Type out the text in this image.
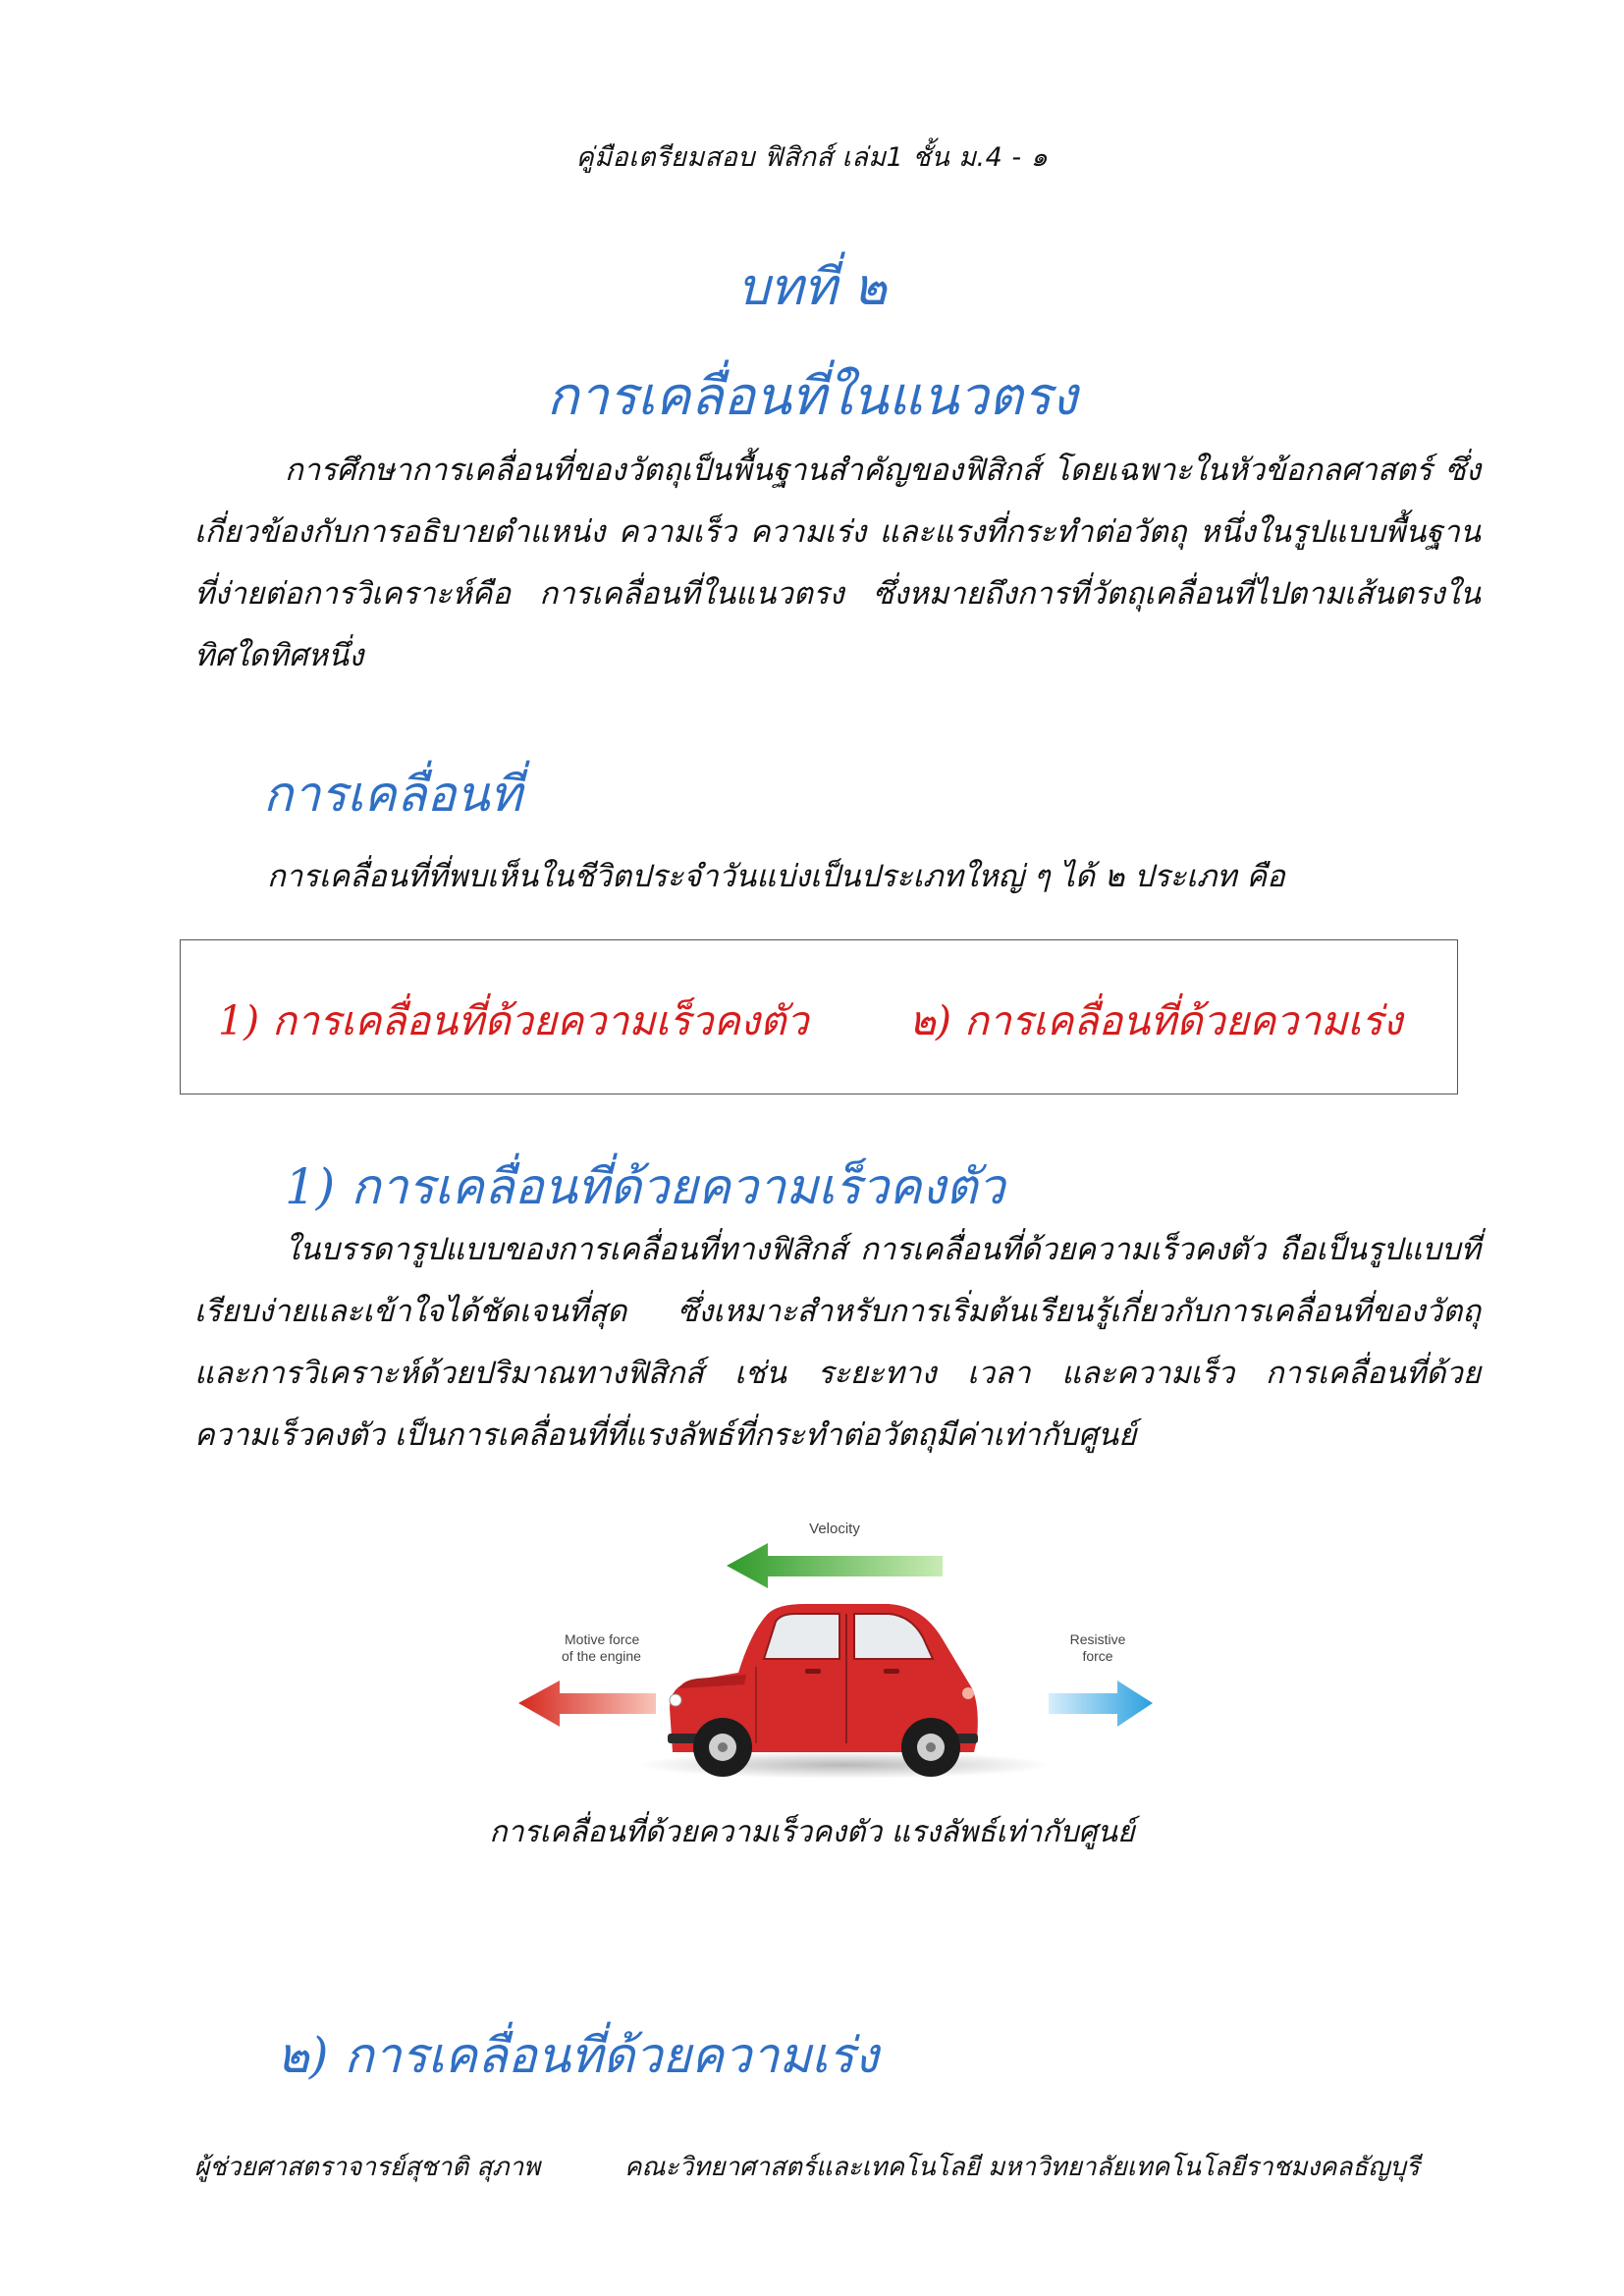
คู่มือเตรียมสอบ ฟิสิกส์ เล่ม1 ชั้น ม.4 - ๑
บทที่ ๒
การเคลื่อนที่ในแนวตรง

การศึกษาการเคลื่อนที่ของวัตถุเป็นพื้นฐานสำคัญของฟิสิกส์ โดยเฉพาะในหัวข้อกลศาสตร์ ซึ่งเกี่ยวข้องกับการอธิบายตำแหน่ง ความเร็ว ความเร่ง และแรงที่กระทำต่อวัตถุ หนึ่งในรูปแบบพื้นฐานที่ง่ายต่อการวิเคราะห์คือ การเคลื่อนที่ในแนวตรง ซึ่งหมายถึงการที่วัตถุเคลื่อนที่ไปตามเส้นตรงในทิศใดทิศหนึ่ง

การเคลื่อนที่
การเคลื่อนที่ที่พบเห็นในชีวิตประจำวันแบ่งเป็นประเภทใหญ่ ๆ ได้ ๒ ประเภท คือ
1) การเคลื่อนที่ด้วยความเร็วคงตัว ๒) การเคลื่อนที่ด้วยความเร่ง
1) การเคลื่อนที่ด้วยความเร็วคงตัว

ในบรรดารูปแบบของการเคลื่อนที่ทางฟิสิกส์ การเคลื่อนที่ด้วยความเร็วคงตัว ถือเป็นรูปแบบที่เรียบง่ายและเข้าใจได้ชัดเจนที่สุด ซึ่งเหมาะสำหรับการเริ่มต้นเรียนรู้เกี่ยวกับการเคลื่อนที่ของวัตถุและการวิเคราะห์ด้วยปริมาณทางฟิสิกส์ เช่น ระยะทาง เวลา และความเร็ว การเคลื่อนที่ด้วยความเร็วคงตัว เป็นการเคลื่อนที่ที่แรงลัพธ์ที่กระทำต่อวัตถุมีค่าเท่ากับศูนย์

Velocity
Motive force
of the engine
Resistive
force
การเคลื่อนที่ด้วยความเร็วคงตัว แรงลัพธ์เท่ากับศูนย์
๒) การเคลื่อนที่ด้วยความเร่ง
ผู้ช่วยศาสตราจารย์สุชาติ สุภาพ	คณะวิทยาศาสตร์และเทคโนโลยี มหาวิทยาลัยเทคโนโลยีราชมงคลธัญบุรี
